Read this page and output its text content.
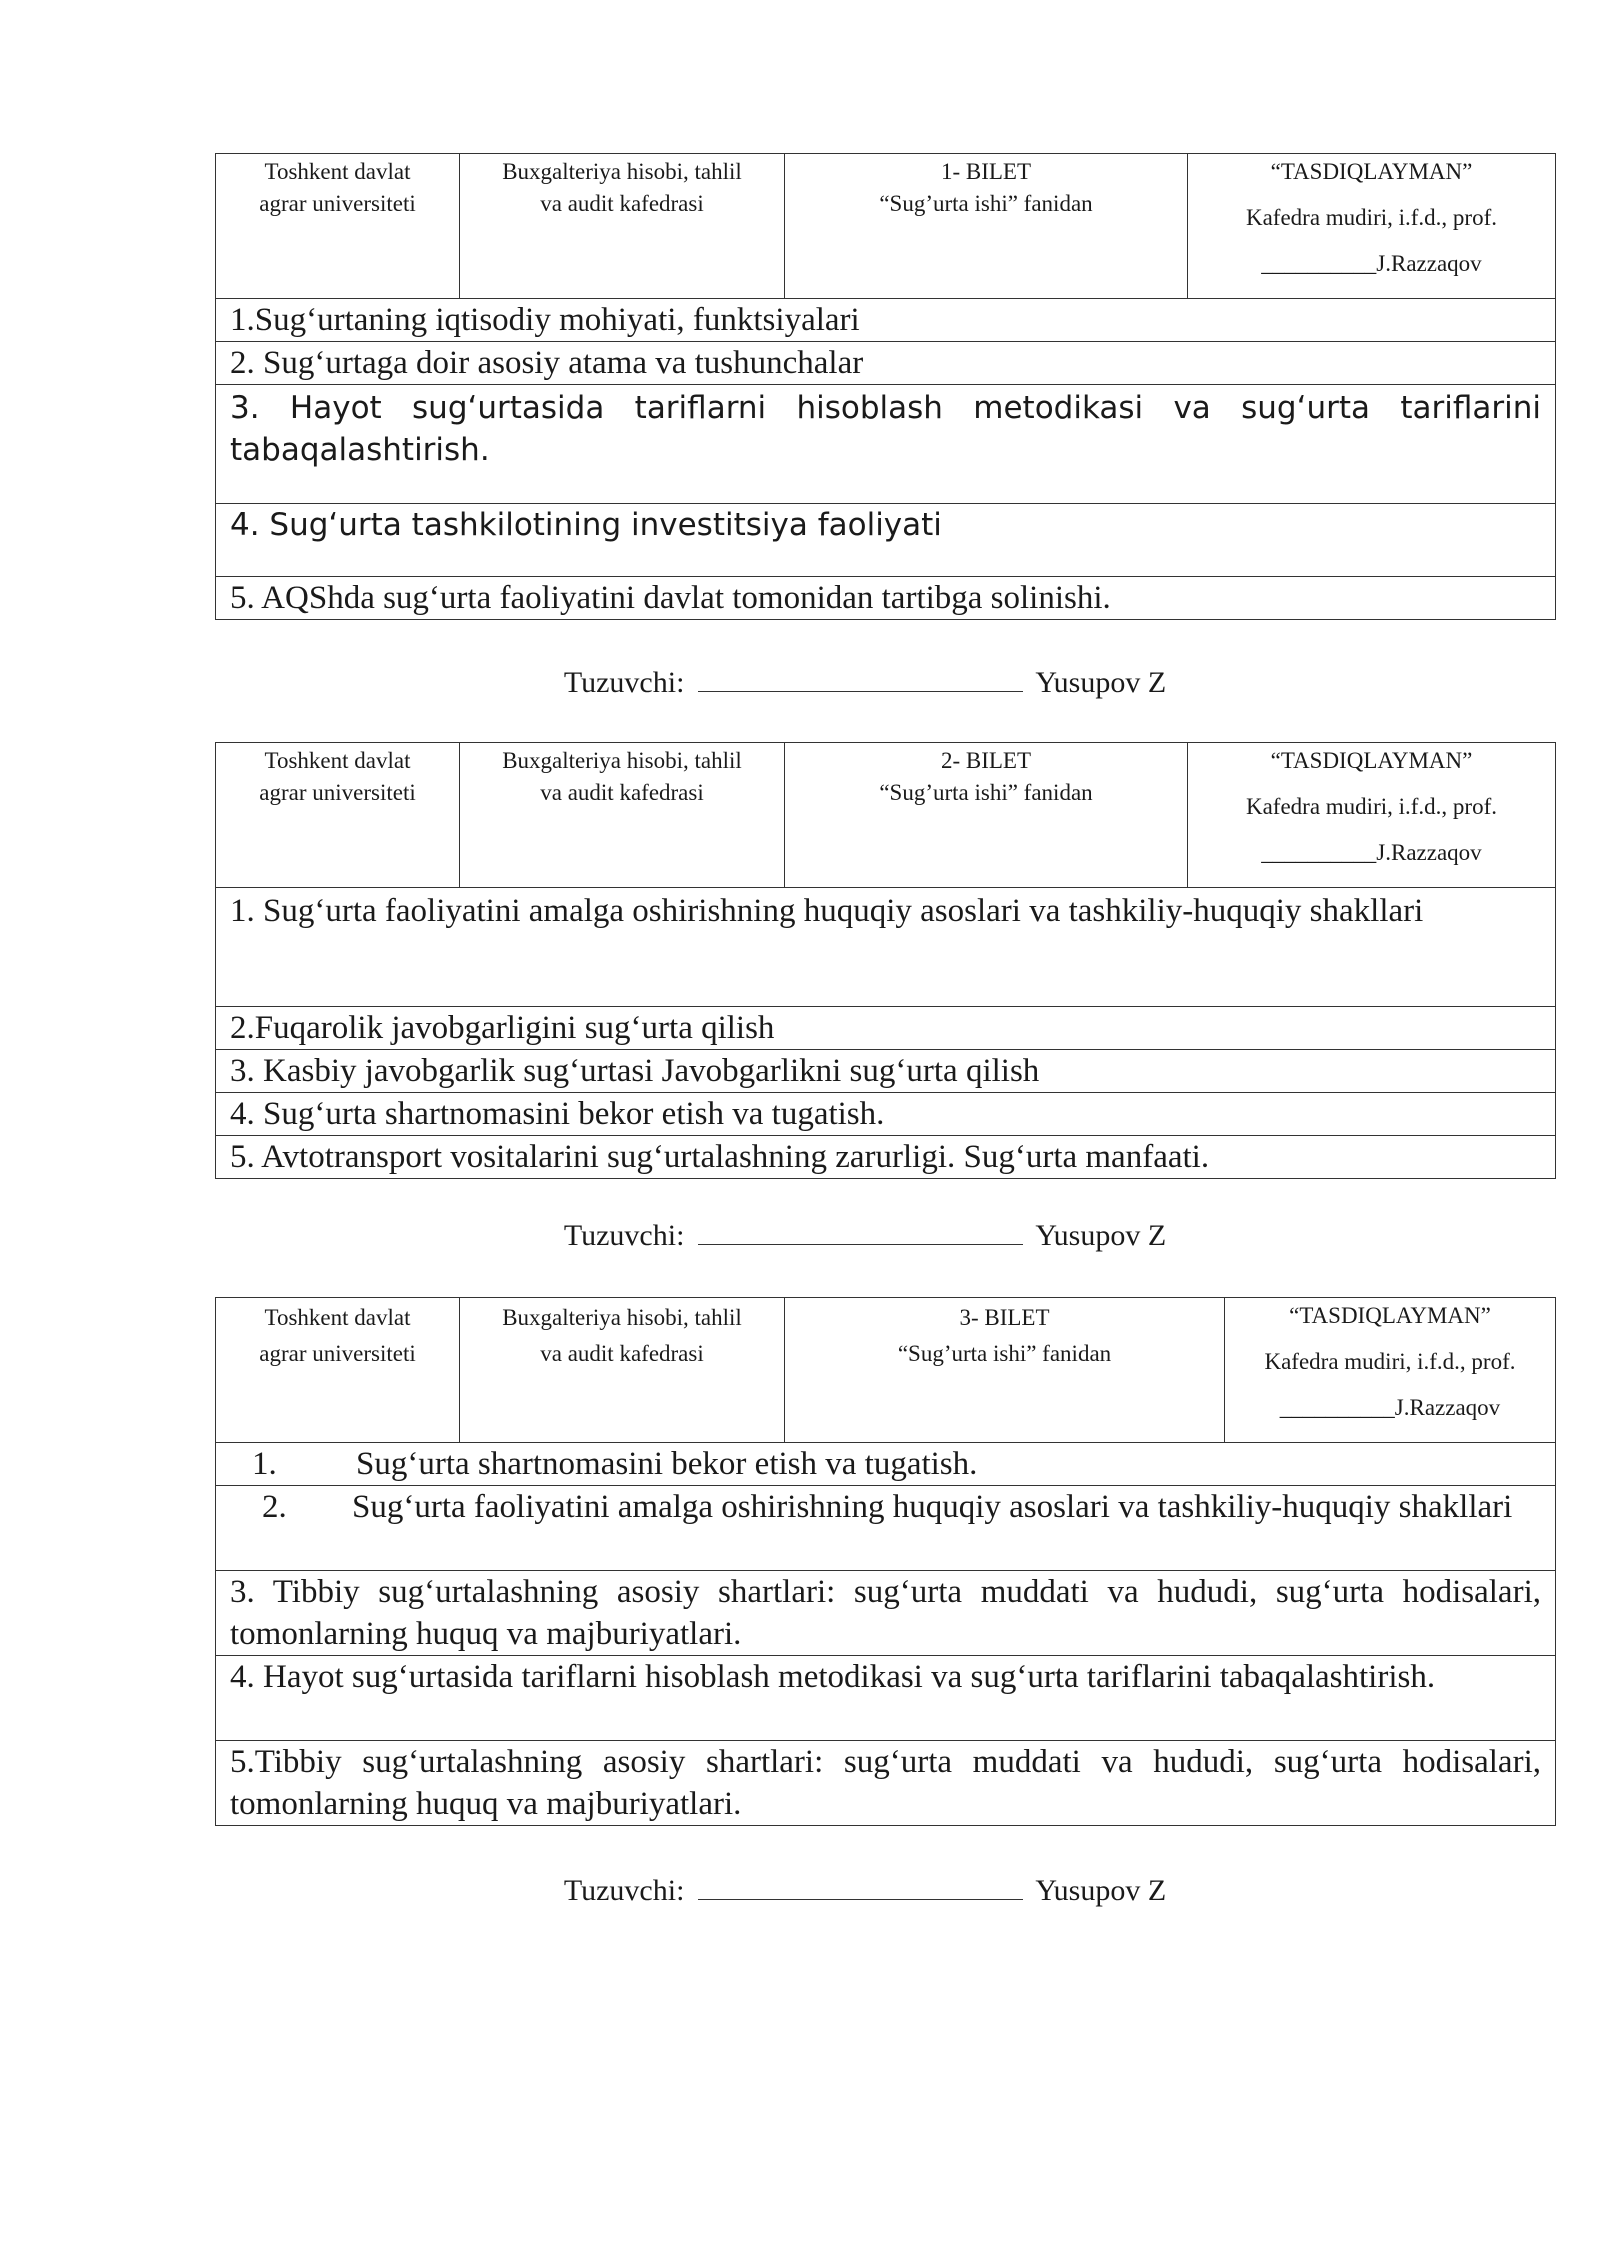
Toshkent davlat
agrar universiteti

Buxgalteriya hisobi, tahlil
va audit kafedrasi

1- BILET
“Sug’urta ishi” fanidan

“TASDIQLAYMAN”
Kafedra mudiri, i.f.d., prof.
__________J.Razzaqov

1.Sugʻurtaning iqtisodiy mohiyati, funktsiyalari
2. Sugʻurtaga doir asosiy atama va tushunchalar
3. Hayot sugʻurtasida tariflarni hisoblash metodikasi va sugʻurta tariflarini tabaqalashtirish.
4. Sugʻurta tashkilotining investitsiya faoliyati
5. AQShda sugʻurta faoliyatini davlat tomonidan tartibga solinishi.
Tuzuvchi:	Yusupov Z
Toshkent davlat
agrar universiteti

Buxgalteriya hisobi, tahlil
va audit kafedrasi

2- BILET
“Sug’urta ishi” fanidan

“TASDIQLAYMAN”
Kafedra mudiri, i.f.d., prof.
__________J.Razzaqov

1. Sugʻurta faoliyatini amalga oshirishning huquqiy asoslari va tashkiliy-huquqiy shakllari
2.Fuqarolik javobgarligini sugʻurta qilish
3. Kasbiy javobgarlik sugʻurtasi Javobgarlikni sugʻurta qilish
4. Sugʻurta shartnomasini bekor etish va tugatish.
5. Avtotransport vositalarini sugʻurtalashning zarurligi. Sugʻurta manfaati.
Tuzuvchi:	Yusupov Z
Toshkent davlat
agrar universiteti

Buxgalteriya hisobi, tahlil
va audit kafedrasi

3- BILET
“Sug’urta ishi” fanidan

“TASDIQLAYMAN”
Kafedra mudiri, i.f.d., prof.
__________J.Razzaqov

1. Sugʻurta shartnomasini bekor etish va tugatish.
2. Sugʻurta faoliyatini amalga oshirishning huquqiy asoslari va tashkiliy-huquqiy shakllari
3. Tibbiy sugʻurtalashning asosiy shartlari: sugʻurta muddati va hududi, sugʻurta hodisalari, tomonlarning huquq va majburiyatlari.
4. Hayot sugʻurtasida tariflarni hisoblash metodikasi va sugʻurta tariflarini tabaqalashtirish.
5.Tibbiy sugʻurtalashning asosiy shartlari: sugʻurta muddati va hududi, sugʻurta hodisalari, tomonlarning huquq va majburiyatlari.
Tuzuvchi:	Yusupov Z
